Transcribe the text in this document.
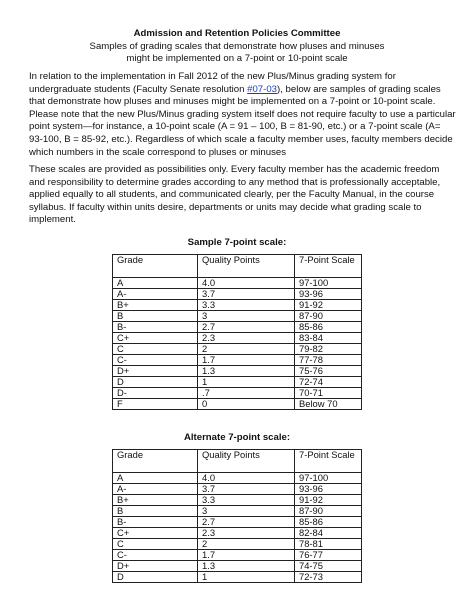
Admission and Retention Policies Committee
Samples of grading scales that demonstrate how pluses and minuses
might be implemented on a 7-point or 10-point scale

In relation to the implementation in Fall 2012 of the new Plus/Minus grading system for undergraduate students (Faculty Senate resolution #07-03), below are samples of grading scales that demonstrate how pluses and minuses might be implemented on a 7-point or 10-point scale. Please note that the new Plus/Minus grading system itself does not require faculty to use a particular point system—for instance, a 10-point scale (A = 91 – 100, B = 81-90, etc.) or a 7-point scale (A= 93-100, B = 85-92, etc.). Regardless of which scale a faculty member uses, faculty members decide which numbers in the scale correspond to pluses or minuses

These scales are provided as possibilities only. Every faculty member has the academic freedom and responsibility to determine grades according to any method that is professionally acceptable, applied equally to all students, and communicated clearly, per the Faculty Manual, in the course syllabus. If faculty within units desire, departments or units may decide what grading scale to implement.

Sample 7-point scale:
Grade	Quality Points	7-Point Scale
A	4.0	97-100
A-	3.7	93-96
B+	3.3	91-92
B	3	87-90
B-	2.7	85-86
C+	2.3	83-84
C	2	79-82
C-	1.7	77-78
D+	1.3	75-76
D	1	72-74
D-	.7	70-71
F	0	Below 70
Alternate 7-point scale:
Grade	Quality Points	7-Point Scale
A	4.0	97-100
A-	3.7	93-96
B+	3.3	91-92
B	3	87-90
B-	2.7	85-86
C+	2.3	82-84
C	2	78-81
C-	1.7	76-77
D+	1.3	74-75
D	1	72-73
